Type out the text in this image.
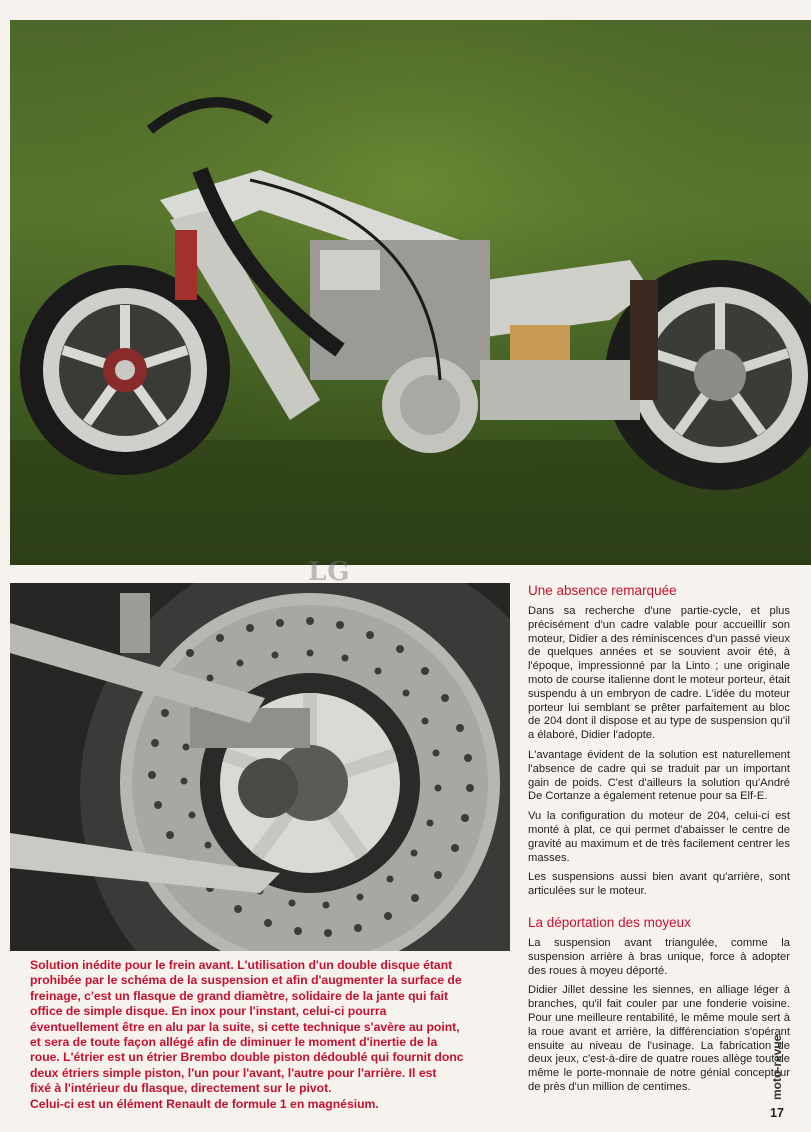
LG

Solution inédite pour le frein avant. L'utilisation d'un double disque étant

prohibée par le schéma de la suspension et afin d'augmenter la surface de

freinage, c'est un flasque de grand diamètre, solidaire de la jante qui fait

office de simple disque. En inox pour l'instant, celui-ci pourra

éventuellement être en alu par la suite, si cette technique s'avère au point,

et sera de toute façon allégé afin de diminuer le moment d'inertie de la

roue. L'étrier est un étrier Brembo double piston dédoublé qui fournit donc

deux étriers simple piston, l'un pour l'avant, l'autre pour l'arrière. Il est

fixé à l'intérieur du flasque, directement sur le pivot.

Celui-ci est un élément Renault de formule 1 en magnésium.

Une absence remarquée

Dans sa recherche d'une partie-cycle, et plus précisément d'un cadre valable pour accueillir son moteur, Didier a des réminiscences d'un passé vieux de quelques années et se souvient avoir été, à l'époque, impressionné par la Linto ; une originale moto de course italienne dont le moteur porteur, était suspendu à un embryon de cadre. L'idée du moteur porteur lui semblant se prêter parfaitement au bloc de 204 dont il dispose et au type de suspension qu'il a élaboré, Didier l'adopte.

L'avantage évident de la solution est naturellement l'absence de cadre qui se traduit par un important gain de poids. C'est d'ailleurs la solution qu'André De Cortanze a également retenue pour sa Elf-E.

Vu la configuration du moteur de 204, celui-ci est monté à plat, ce qui permet d'abaisser le centre de gravité au maximum et de très facilement centrer les masses.

Les suspensions aussi bien avant qu'arrière, sont articulées sur le moteur.

La déportation des moyeux

La suspension avant triangulée, comme la suspension arrière à bras unique, force à adopter des roues à moyeu déporté.

Didier Jillet dessine les siennes, en alliage léger à branches, qu'il fait couler par une fonderie voisine. Pour une meilleure rentabilité, le même moule sert à la roue avant et arrière, la différenciation s'opérant ensuite au niveau de l'usinage. La fabrication de deux jeux, c'est-à-dire de quatre roues allège tout de même le porte-monnaie de notre génial concepteur de près d'un million de centimes.	moto-revue
17
